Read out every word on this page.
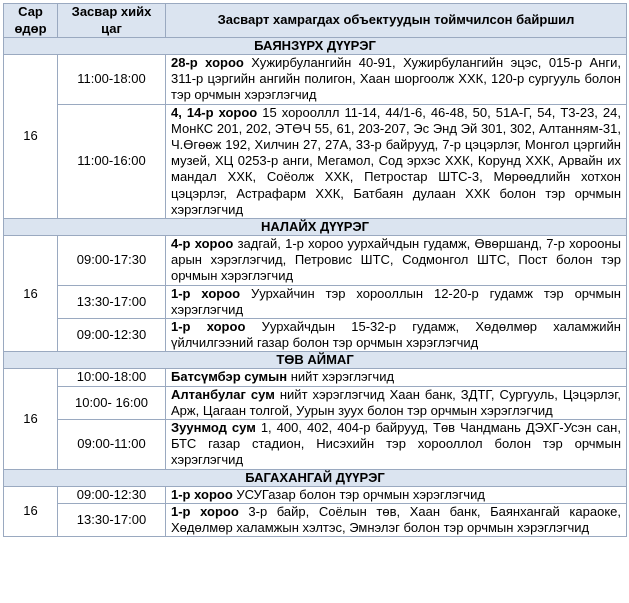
Сар өдөр	Засвар хийх цаг	Засварт хамрагдах объектуудын тоймчилсон байршил
БАЯНЗҮРХ ДҮҮРЭГ		
16	11:00-18:00	28-р хороо Хужирбулангийн 40-91, Хужирбулангийн эцэс, 015-р Анги, 311-р цэргийн ангийн полигон, Хаан шоргоолж ХХК, 120-р сургууль болон тэр орчмын хэрэглэгчид
	11:00-16:00	4, 14-р хороо 15 хорооллл 11-14, 44/1-6, 46-48, 50, 51А-Г, 54, Т3-23, 24, МонКС 201, 202, ЭТӨЧ 55, 61, 203-207, Эс Энд Эй 301, 302, Алтанням-31, Ч.Өгөөж 192, Хилчин 27, 27А, 33-р байрууд, 7-р цэцэрлэг, Монгол цэргийн музей, ХЦ 0253-р анги, Мегамол, Сод эрхэс ХХК, Корунд ХХК, Арвайн их мандал ХХК, Соёолж ХХК, Петростар ШТС-3, Мөрөөдлийн хотхон цэцэрлэг, Астрафарм ХХК, Батбаян дулаан ХХК болон тэр орчмын хэрэглэгчид
НАЛАЙХ ДҮҮРЭГ		
16	09:00-17:30	4-р хороо задгай, 1-р хороо уурхайчдын гудамж, Өвөршанд, 7-р хорооны арын хэрэглэгчид, Петровис ШТС, Содмонгол ШТС, Пост болон тэр орчмын хэрэглэгчид
	13:30-17:00	1-р хороо Уурхайчин тэр хорооллын 12-20-р гудамж тэр орчмын хэрэглэгчид
	09:00-12:30	1-р хороо Уурхайчдын 15-32-р гудамж, Хөдөлмөр халамжийн үйлчилгээний газар болон тэр орчмын хэрэглэгчид
ТӨВ АЙМАГ		
16	10:00-18:00	Батсүмбэр сумын нийт хэрэглэгчид
	10:00- 16:00	Алтанбулаг сум нийт хэрэглэгчид Хаан банк, ЗДТГ, Сургууль, Цэцэрлэг, Арж, Цагаан толгой, Уурын зуух болон тэр орчмын хэрэглэгчид
	09:00-11:00	Зуунмод сум 1, 400, 402, 404-р байрууд, Төв Чандмань ДЭХГ-Усэн сан, БТС газар стадион, Нисэхийн тэр хорооллол болон тэр орчмын хэрэглэгчид
БАГАХАНГАЙ ДҮҮРЭГ		
16	09:00-12:30	1-р хороо УСУГазар болон тэр орчмын хэрэглэгчид
	13:30-17:00	1-р хороо 3-р байр, Соёлын төв, Хаан банк, Баянхангай караоке, Хөдөлмөр халамжын хэлтэс, Эмнэлэг болон тэр орчмын хэрэглэгчид
